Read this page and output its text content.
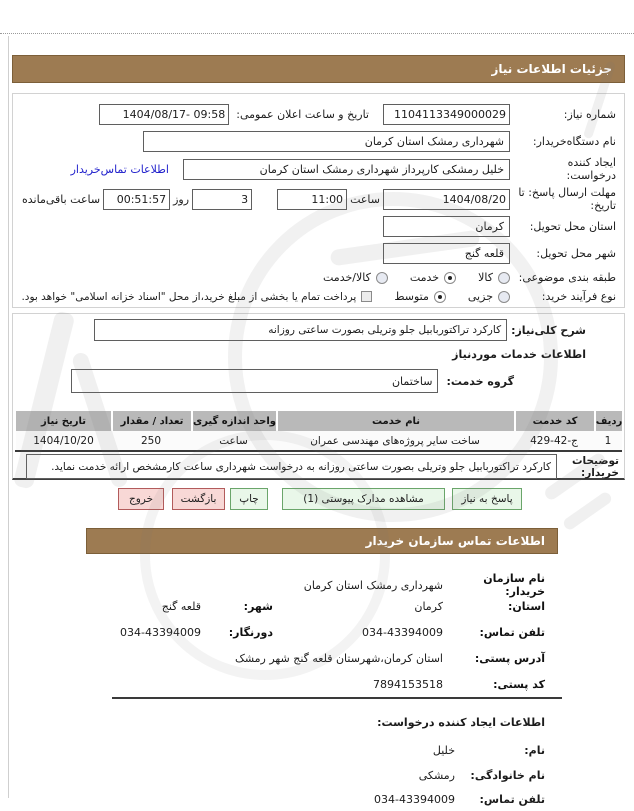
جزئیات اطلاعات نیاز
شماره نیاز:
1104113349000029
تاریخ و ساعت اعلان عمومی:
1404/08/17- 09:58
نام دستگاه‌خریدار:
شهرداری رمشک استان کرمان
ایجاد کننده
درخواست:
خلیل رمشکی کارپرداز شهرداری رمشک استان کرمان
اطلاعات تماس‌خریدار
مهلت ارسال پاسخ: تا
تاریخ:
1404/08/20
ساعت
11:00
3
روز
00:51:57
ساعت باقی‌مانده
استان محل تحویل:
کرمان
شهر محل تحویل:
قلعه گنج
طبقه بندی موضوعی:
کالا
خدمت
کالا/خدمت
نوع فرآیند خرید:
جزیی
متوسط
پرداخت تمام یا بخشی از مبلغ خرید،از محل "اسناد خزانه اسلامی" خواهد بود.
شرح کلی‌نیاز:
کارکرد تراکتوربابیل جلو وتریلی بصورت ساعتی روزانه
اطلاعات خدمات موردنیاز
گروه خدمت:
ساختمان
ردیف
کد خدمت
نام خدمت
واحد اندازه گیری
تعداد / مقدار
تاریخ نیاز
1
ج-42-429
ساخت سایر پروژه‌های مهندسی عمران
ساعت
250
1404/10/20
توضیحات
خریدار:
کارکرد تراکتوربابیل جلو وتریلی بصورت ساعتی روزانه به درخواست شهرداری ساعت کارمشخص ارائه خدمت نماید.
پاسخ به نیاز
مشاهده مدارک پیوستی (1)
چاپ
بازگشت
خروج
اطلاعات تماس سازمان خریدار
نام سازمان خریدار:
شهرداری رمشک استان کرمان
استان:
کرمان
شهر:
قلعه گنج
تلفن تماس:
034-43394009
دورنگار:
034-43394009
آدرس پستی:
استان کرمان،شهرستان قلعه گنج شهر رمشک
کد پستی:
7894153518
اطلاعات ایجاد کننده درخواست:
نام:
خلیل
نام خانوادگی:
رمشکی
تلفن تماس:
034-43394009
